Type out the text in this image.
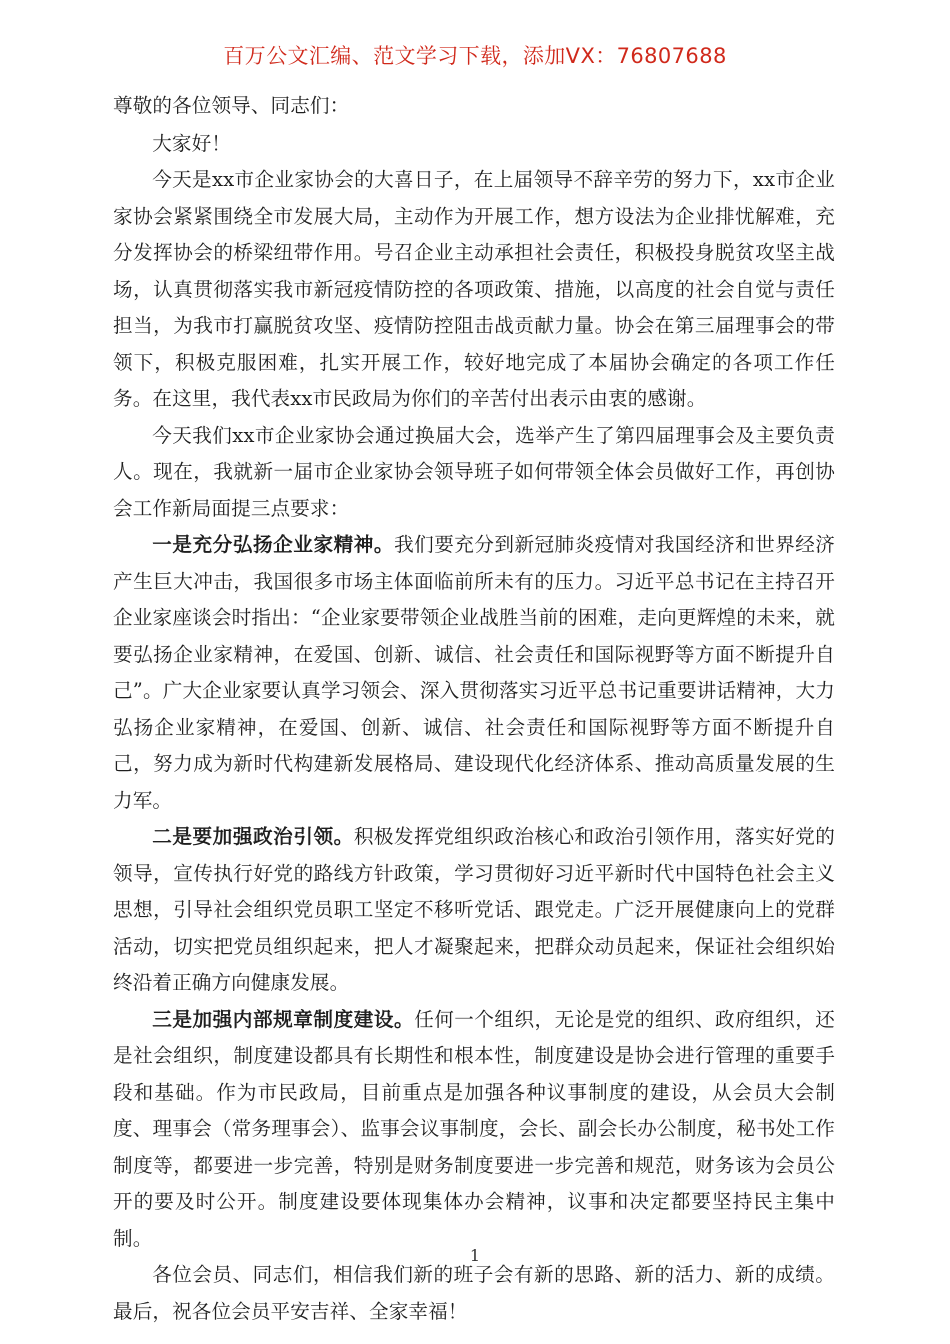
百万公文汇编、范文学习下载，添加VX：76807688

尊敬的各位领导、同志们：

大家好！

今天是xx市企业家协会的大喜日子，在上届领导不辞辛劳的努力下，xx市企业家协会紧紧围绕全市发展大局，主动作为开展工作，想方设法为企业排忧解难，充分发挥协会的桥梁纽带作用。号召企业主动承担社会责任，积极投身脱贫攻坚主战场，认真贯彻落实我市新冠疫情防控的各项政策、措施，以高度的社会自觉与责任担当，为我市打赢脱贫攻坚、疫情防控阻击战贡献力量。协会在第三届理事会的带领下，积极克服困难，扎实开展工作，较好地完成了本届协会确定的各项工作任务。在这里，我代表xx市民政局为你们的辛苦付出表示由衷的感谢。

今天我们xx市企业家协会通过换届大会，选举产生了第四届理事会及主要负责人。现在，我就新一届市企业家协会领导班子如何带领全体会员做好工作，再创协会工作新局面提三点要求：

一是充分弘扬企业家精神。我们要充分到新冠肺炎疫情对我国经济和世界经济产生巨大冲击，我国很多市场主体面临前所未有的压力。习近平总书记在主持召开企业家座谈会时指出：“企业家要带领企业战胜当前的困难，走向更辉煌的未来，就要弘扬企业家精神，在爱国、创新、诚信、社会责任和国际视野等方面不断提升自己”。广大企业家要认真学习领会、深入贯彻落实习近平总书记重要讲话精神，大力弘扬企业家精神，在爱国、创新、诚信、社会责任和国际视野等方面不断提升自己，努力成为新时代构建新发展格局、建设现代化经济体系、推动高质量发展的生力军。

二是要加强政治引领。积极发挥党组织政治核心和政治引领作用，落实好党的领导，宣传执行好党的路线方针政策，学习贯彻好习近平新时代中国特色社会主义思想，引导社会组织党员职工坚定不移听党话、跟党走。广泛开展健康向上的党群活动，切实把党员组织起来，把人才凝聚起来，把群众动员起来，保证社会组织始终沿着正确方向健康发展。

三是加强内部规章制度建设。任何一个组织，无论是党的组织、政府组织，还是社会组织，制度建设都具有长期性和根本性，制度建设是协会进行管理的重要手段和基础。作为市民政局，目前重点是加强各种议事制度的建设，从会员大会制度、理事会（常务理事会）、监事会议事制度，会长、副会长办公制度，秘书处工作制度等，都要进一步完善，特别是财务制度要进一步完善和规范，财务该为会员公开的要及时公开。制度建设要体现集体办会精神，议事和决定都要坚持民主集中制。

各位会员、同志们，相信我们新的班子会有新的思路、新的活力、新的成绩。最后，祝各位会员平安吉祥、全家幸福！

1
